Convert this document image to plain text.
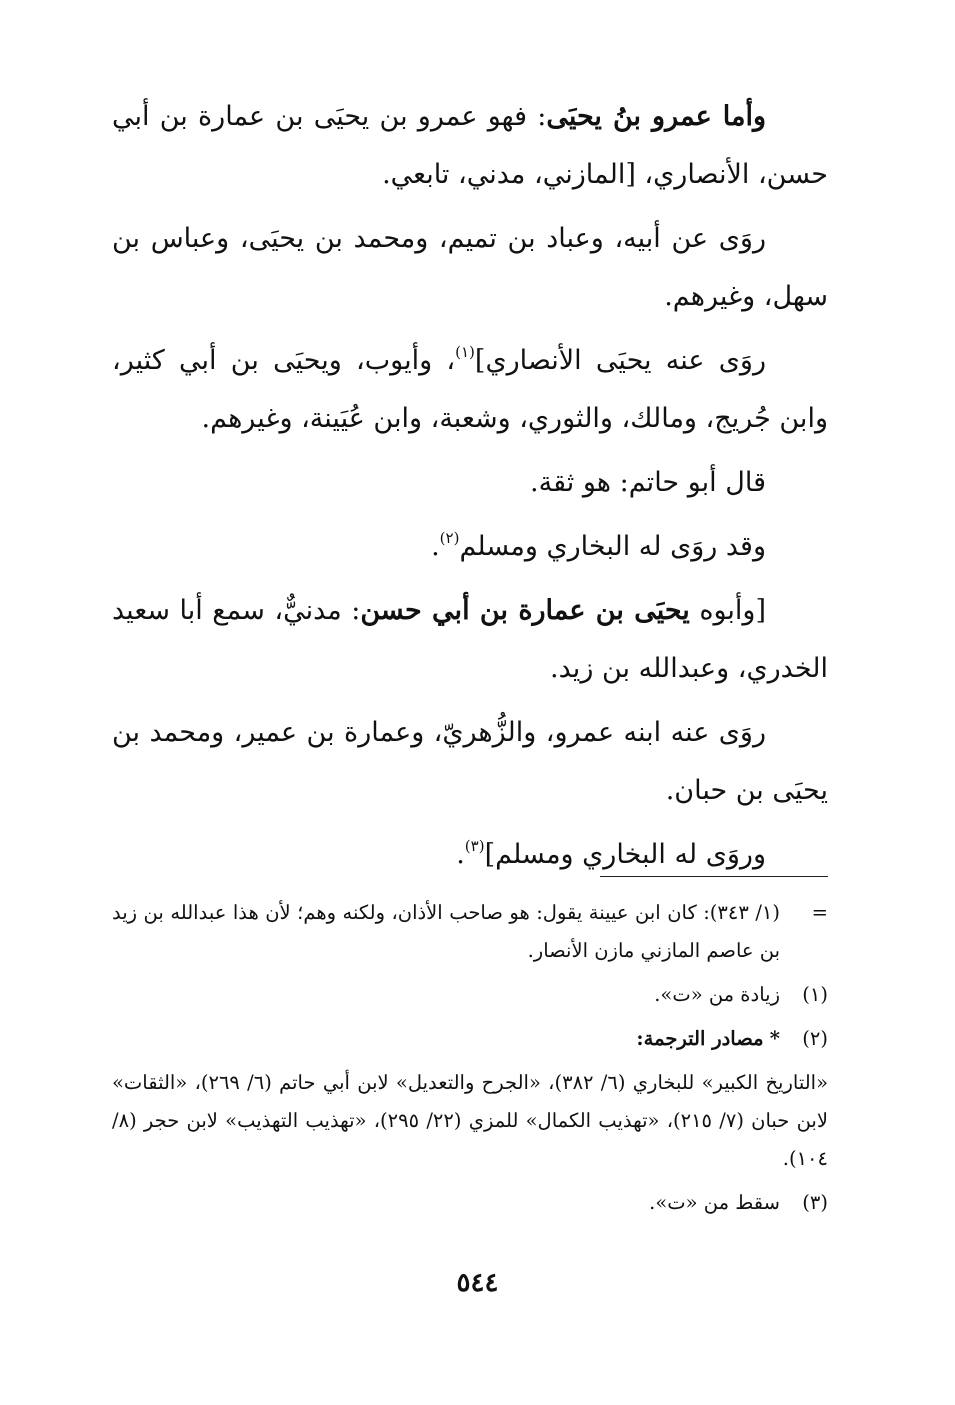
وأما عمرو بنُ يحيَى: فهو عمرو بن يحيَى بن عمارة بن أبي حسن، الأنصاري، [المازني، مدني، تابعي.

روَى عن أبيه، وعباد بن تميم، ومحمد بن يحيَى، وعباس بن سهل، وغيرهم.

روَى عنه يحيَى الأنصاري]$^{(١)}$، وأيوب، ويحيَى بن أبي كثير، وابن جُريج، ومالك، والثوري، وشعبة، وابن عُيَينة، وغيرهم.

قال أبو حاتم: هو ثقة.

وقد روَى له البخاري ومسلم$^{(٢)}$.

[وأبوه يحيَى بن عمارة بن أبي حسن: مدنيٌّ، سمع أبا سعيد الخدري، وعبدالله بن زيد.

روَى عنه ابنه عمرو، والزُّهريّ، وعمارة بن عمير، ومحمد بن يحيَى بن حبان.

وروَى له البخاري ومسلم]$^{(٣)}$.

=
(١/ ٣٤٣): كان ابن عيينة يقول: هو صاحب الأذان، ولكنه وهم؛ لأن هذا عبدالله بن زيد بن عاصم المازني مازن الأنصار.
(١)
زيادة من «ت».
(٢)
* مصادر الترجمة:

«التاريخ الكبير» للبخاري (٦/ ٣٨٢)، «الجرح والتعديل» لابن أبي حاتم (٦/ ٢٦٩)، «الثقات» لابن حبان (٧/ ٢١٥)، «تهذيب الكمال» للمزي (٢٢/ ٢٩٥)، «تهذيب التهذيب» لابن حجر (٨/ ١٠٤).

(٣)
سقط من «ت».
٥٤٤
